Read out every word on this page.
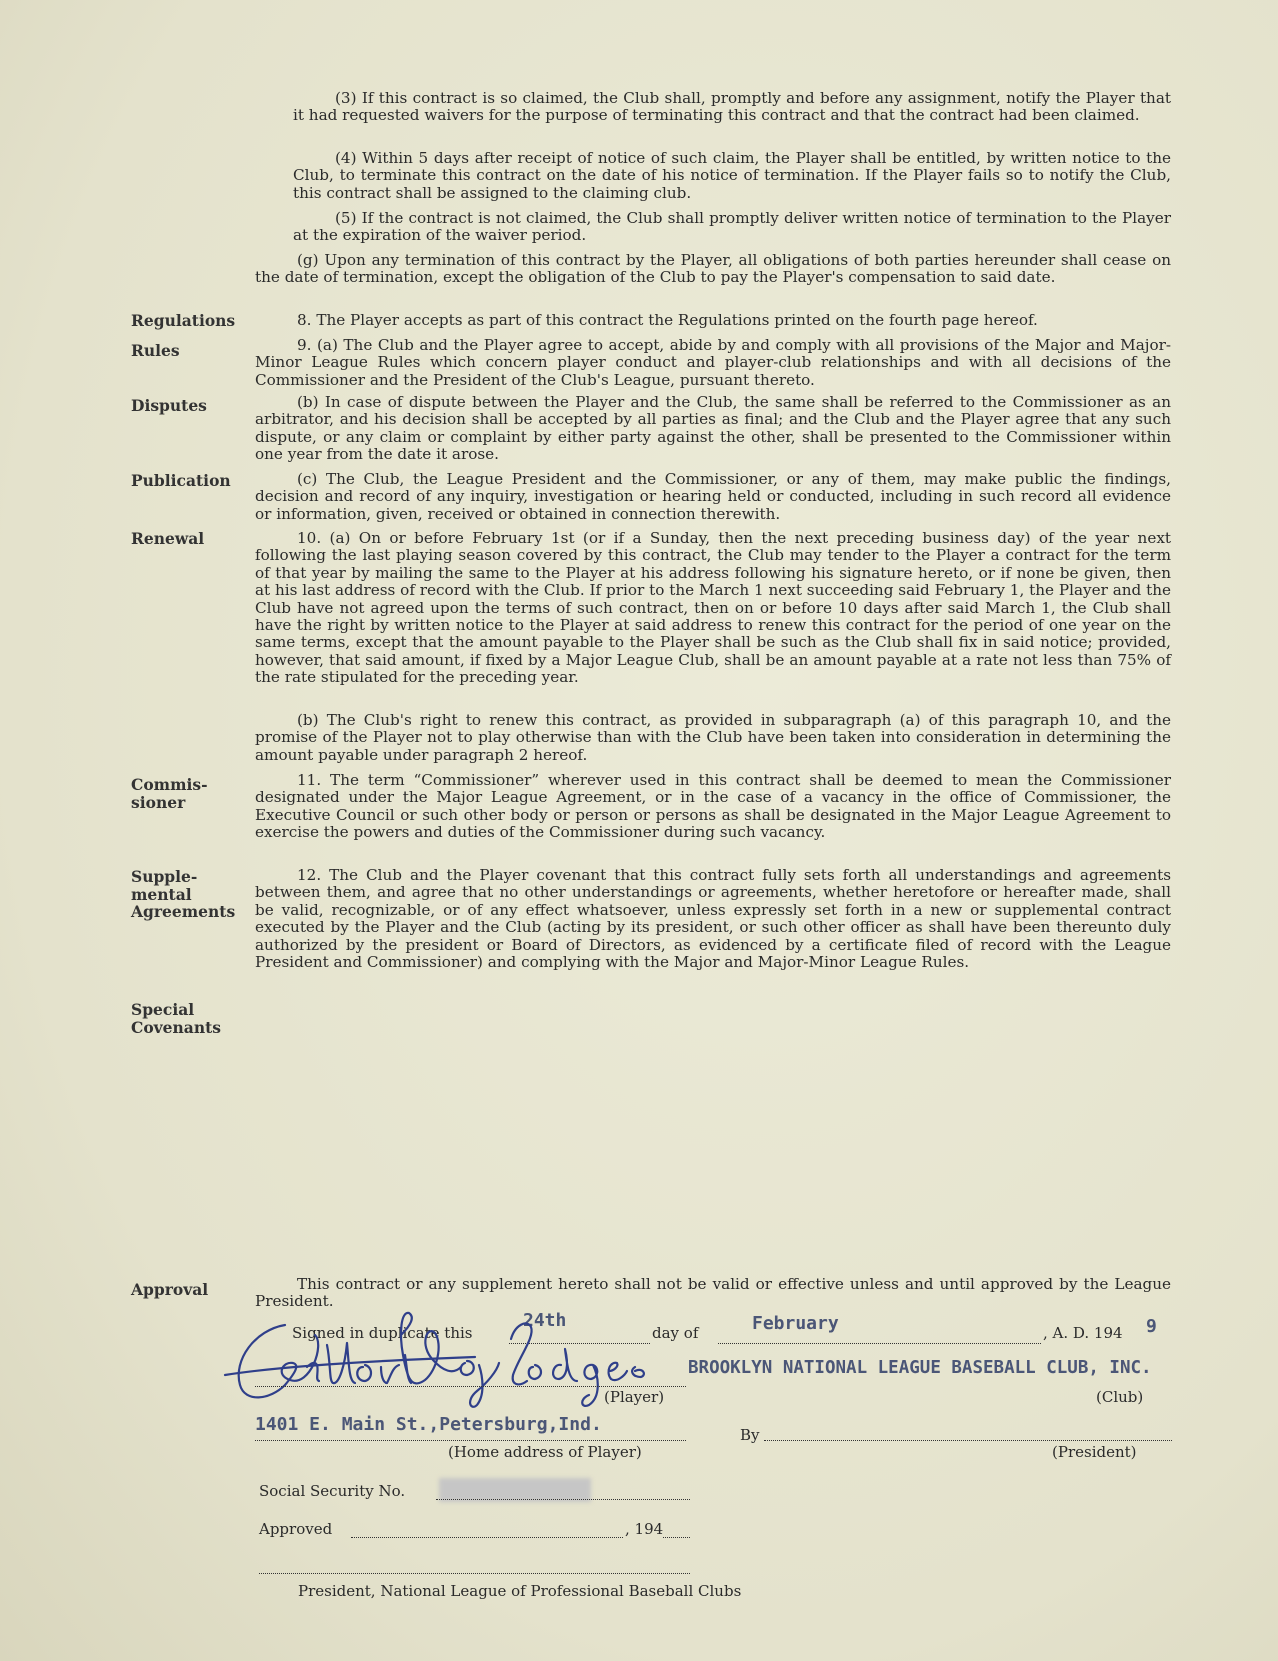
(3) If this contract is so claimed, the Club shall, promptly and before any assignment, notify the Player that it had requested waivers for the purpose of terminating this contract and that the contract had been claimed.

(4) Within 5 days after receipt of notice of such claim, the Player shall be entitled, by written notice to the Club, to terminate this contract on the date of his notice of termination. If the Player fails so to notify the Club, this contract shall be assigned to the claiming club.

(5) If the contract is not claimed, the Club shall promptly deliver written notice of termination to the Player at the expiration of the waiver period.

(g) Upon any termination of this contract by the Player, all obligations of both parties hereunder shall cease on the date of termination, except the obligation of the Club to pay the Player's compensation to said date.

Regulations	8. The Player accepts as part of this contract the Regulations printed on the fourth page hereof.

Rules	9. (a) The Club and the Player agree to accept, abide by and comply with all provisions of the Major and Major-Minor League Rules which concern player conduct and player-club relationships and with all decisions of the Commissioner and the President of the Club's League, pursuant thereto.

Disputes	(b) In case of dispute between the Player and the Club, the same shall be referred to the Commissioner as an arbitrator, and his decision shall be accepted by all parties as final; and the Club and the Player agree that any such dispute, or any claim or complaint by either party against the other, shall be presented to the Commissioner within one year from the date it arose.

Publication	(c) The Club, the League President and the Commissioner, or any of them, may make public the findings, decision and record of any inquiry, investigation or hearing held or conducted, including in such record all evidence or information, given, received or obtained in connection therewith.

Renewal	10. (a) On or before February 1st (or if a Sunday, then the next preceding business day) of the year next following the last playing season covered by this contract, the Club may tender to the Player a contract for the term of that year by mailing the same to the Player at his address following his signature hereto, or if none be given, then at his last address of record with the Club. If prior to the March 1 next succeeding said February 1, the Player and the Club have not agreed upon the terms of such contract, then on or before 10 days after said March 1, the Club shall have the right by written notice to the Player at said address to renew this contract for the period of one year on the same terms, except that the amount payable to the Player shall be such as the Club shall fix in said notice; provided, however, that said amount, if fixed by a Major League Club, shall be an amount payable at a rate not less than 75% of the rate stipulated for the preceding year.

(b) The Club's right to renew this contract, as provided in subparagraph (a) of this paragraph 10, and the promise of the Player not to play otherwise than with the Club have been taken into consideration in determining the amount payable under paragraph 2 hereof.

Commis-
sioner

11. The term “Commissioner” wherever used in this contract shall be deemed to mean the Commissioner designated under the Major League Agreement, or in the case of a vacancy in the office of Commissioner, the Executive Council or such other body or person or persons as shall be designated in the Major League Agreement to exercise the powers and duties of the Commissioner during such vacancy.

Supple-
mental
Agreements

12. The Club and the Player covenant that this contract fully sets forth all understandings and agreements between them, and agree that no other understandings or agreements, whether heretofore or hereafter made, shall be valid, recognizable, or of any effect whatsoever, unless expressly set forth in a new or supplemental contract executed by the Player and the Club (acting by its president, or such other officer as shall have been thereunto duly authorized by the president or Board of Directors, as evidenced by a certificate filed of record with the League President and Commissioner) and complying with the Major and Major-Minor League Rules.

Special
Covenants
Approval	This contract or any supplement hereto shall not be valid or effective unless and until approved by the League President.

Signed in duplicate this
24th
day of	February	, A. D. 194 9
(Player)
BROOKLYN NATIONAL LEAGUE BASEBALL CLUB, INC.
(Club)
1401 E. Main St.,Petersburg,Ind.
(Home address of Player)
By
(President)
Social Security No.
Approved	, 194
President, National League of Professional Baseball Clubs
